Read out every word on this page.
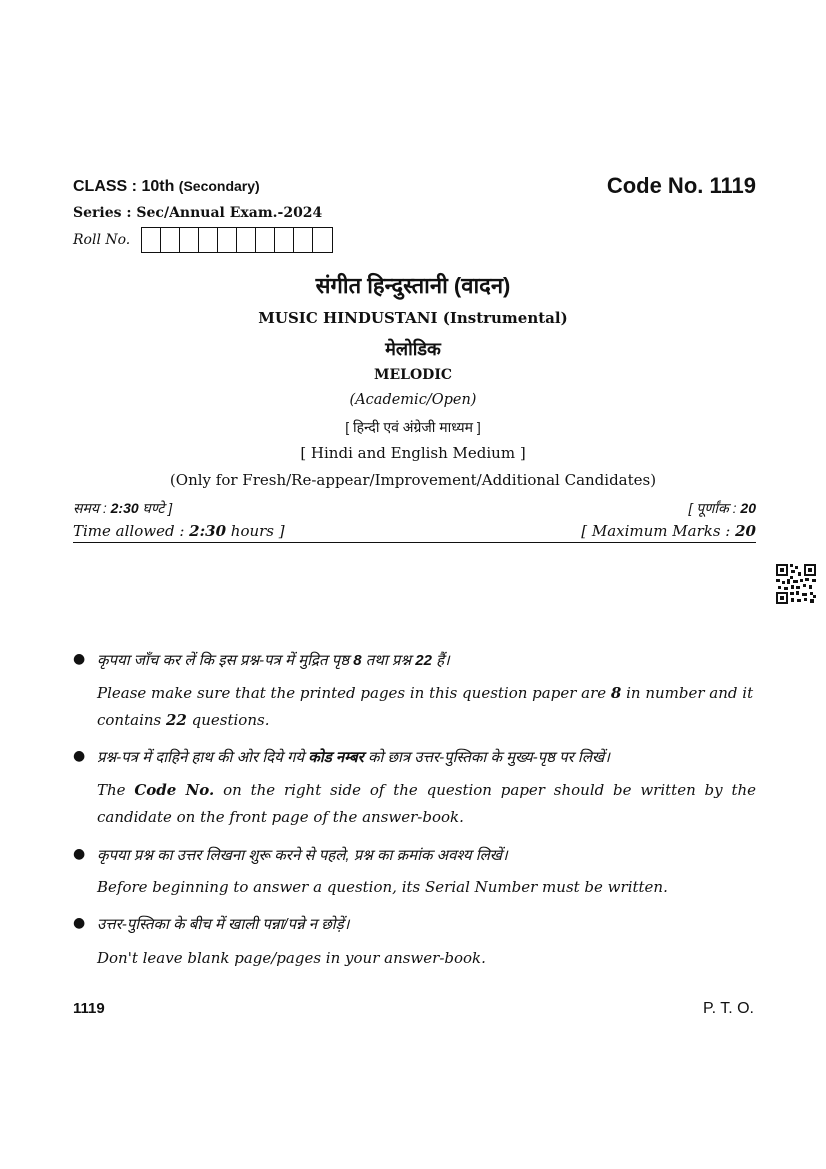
CLASS : 10th (Secondary)	Code No. 1119
Series : Sec/Annual Exam.-2024
Roll No.
संगीत हिन्दुस्तानी (वादन)
MUSIC HINDUSTANI (Instrumental)
मेलोडिक
MELODIC
(Academic/Open)
[ हिन्दी एवं अंग्रेजी माध्यम ]
[ Hindi and English Medium ]
(Only for Fresh/Re-appear/Improvement/Additional Candidates)
समय : 2:30 घण्टे ]	[ पूर्णांक : 20
Time allowed : 2:30 hours ]	[ Maximum Marks : 20
● कृपया जाँच कर लें कि इस प्रश्न-पत्र में मुद्रित पृष्ठ 8 तथा प्रश्न 22 हैं।
Please make sure that the printed pages in this question paper are 8 in number and it contains 22 questions.
● प्रश्न-पत्र में दाहिने हाथ की ओर दिये गये कोड नम्बर को छात्र उत्तर-पुस्तिका के मुख्य-पृष्ठ पर लिखें।
The Code No. on the right side of the question paper should be written by the candidate on the front page of the answer-book.
● कृपया प्रश्न का उत्तर लिखना शुरू करने से पहले, प्रश्न का क्रमांक अवश्य लिखें।
Before beginning to answer a question, its Serial Number must be written.
● उत्तर-पुस्तिका के बीच में खाली पन्ना/पन्ने न छोड़ें।
Don't leave blank page/pages in your answer-book.
1119	P. T. O.
